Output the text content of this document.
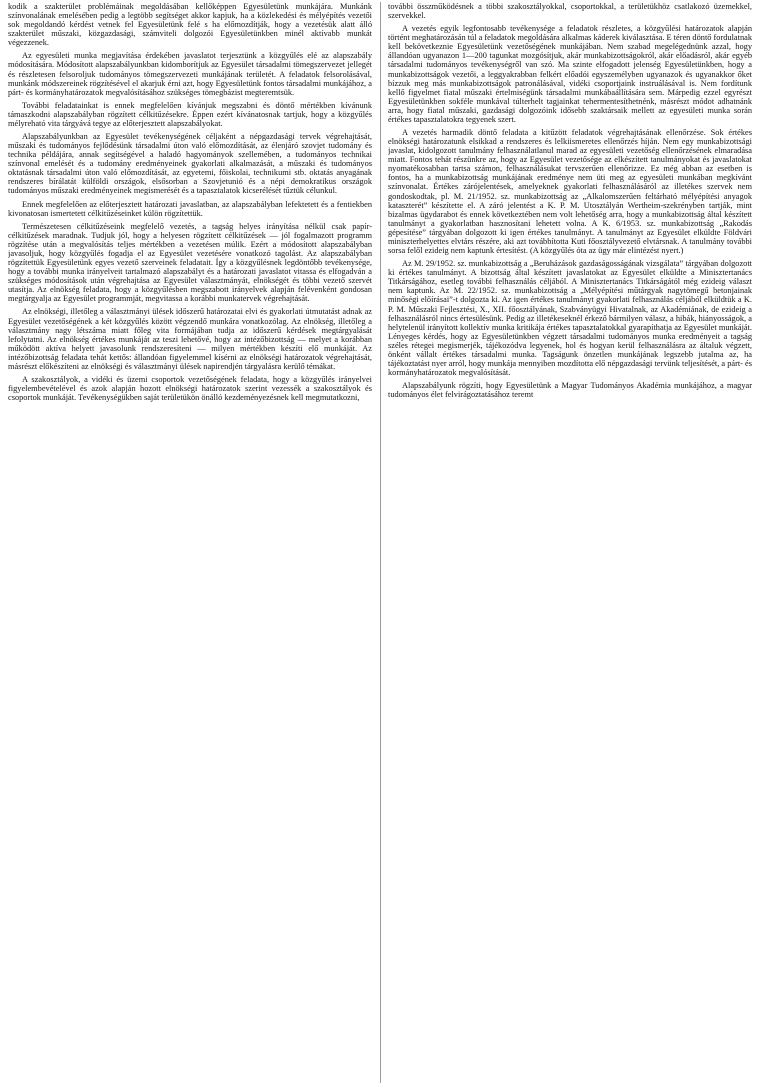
kodik a szakterület problémáinak megoldásában kellőképpen Egyesületünk munkájára. Munkánk színvonalának emelésében pedig a legtöbb segítséget akkor kapjuk, ha a közlekedési és mélyépítés vezetői sok megoldandó kérdést vetnek fel Egyesületünk felé s ha előmozdítják, hogy a vezetésük alatt álló szakterület műszaki, közgazdasági, számviteli dolgozói Egyesületünkben minél aktívabb munkát végezzenek.

Az egyesületi munka megjavítása érdekében javaslatot terjesztünk a közgyűlés elé az alapszabály módosítására. Módosított alapszabályunkban kidomborítjuk az Egyesület társadalmi tömegszervezet jellegét és részletesen felsoroljuk tudományos tömegszervezeti munkájának területét. A feladatok felsorolásával, munkánk módszereinek rögzítésével el akarjuk érni azt, hogy Egyesületünk fontos társadalmi munkájához, a párt- és kormányhatározatok megvalósításához szükséges tömegbázist megteremtsük.

További feladatainkat is ennek megfelelően kívánjuk megszabni és döntő mértékben kívánunk támaszkodni alapszabályban rögzített célkitűzésekre. Éppen ezért kívánatosnak tartjuk, hogy a közgyűlés mélyreható vita tárgyává tegye az előterjesztett alapszabályokat.

Alapszabályunkban az Egyesület tevékenységének céljaként a népgazdasági tervek végrehajtását, műszaki és tudományos fejlődésünk társadalmi úton való előmozdítását, az élenjáró szovjet tudomány és technika példájára, annak segítségével a haladó hagyományok szellemében, a tudományos technikai színvonal emelését és a tudomány eredményeinek gyakorlati alkalmazását, a műszaki és tudományos oktatásnak társadalmi úton való előmozdítását, az egyetemi, főiskolai, technikumi stb. oktatás anyagának rendszeres bírálatát külföldi országok, elsősorban a Szovjetunió és a népi demokratikus országok tudományos műszaki eredményeinek megismerését és a tapasztalatok kicserélését tűztük célunkul.

Ennek megfelelően az előterjesztett határozati javaslatban, az alapszabályban lefektetett és a fentiekben kivonatosan ismertetett célkitűzéseinket külön rögzítettük.

Természetesen célkitűzéseink megfelelő vezetés, a tagság helyes irányítása nélkül csak papír-célkitűzések maradnak. Tudjuk jól, hogy a helyesen rögzített célkitűzések — jól fogalmazott programm rögzítése után a megvalósítás teljes mértékben a vezetésen múlik. Ezért a módosított alapszabályban javasoljuk, hogy közgyűlés fogadja el az Egyesület vezetésére vonatkozó tagolást. Az alapszabályban rögzítettük Egyesületünk egyes vezető szerveinek feladatait. Így a közgyűlésnek legdöntőbb tevékenysége, hogy a további munka irányelveit tartalmazó alapszabályt és a határozati javaslatot vitassa és elfogadván a szükséges módosítások után végrehajtása az Egyesület választmányát, elnökségét és többi vezető szervét utasítja. Az elnökség feladata, hogy a közgyűlésben megszabott irányelvek alapján felévenként gondosan megtárgyalja az Egyesület programmját, megvitassa a korábbi munkatervek végrehajtását.

Az elnökségi, illetőleg a választmányi ülések időszerű határozatai elvi és gyakorlati útmutatást adnak az Egyesület vezetőségének a két közgyűlés között végzendő munkára vonatkozólag. Az elnökség, illetőleg a választmány nagy létszáma miatt főleg vita formájában tudja az időszerű kérdések megtárgyalását lefolytatni. Az elnökség értékes munkáját az teszi lehetővé, hogy az intézőbizottság — melyet a korábban működött aktíva helyett javasolunk rendszeresíteni — milyen mértékben készíti elő munkáját. Az intézőbizottság feladata tehát kettős: állandóan figyelemmel kísérni az elnökségi határozatok végrehajtását, másrészt előkészíteni az elnökségi és választmányi ülések napirendjén tárgyalásra kerülő témákat.

A szakosztályok, a vidéki és üzemi csoportok vezetőségének feladata, hogy a közgyűlés irányelvei figyelembevételével és azok alapján hozott elnökségi határozatok szerint vezessék a szakosztályok és csoportok munkáját. Tevékenységükben saját területükön önálló kezdeményezésnek kell megmutatkozni,

további összműködésnek a többi szakosztályokkal, csoportokkal, a területükhöz csatlakozó üzemekkel, szervekkel.

A vezetés egyik legfontosabb tevékenysége a feladatok részletes, a közgyűlési határozatok alapján történt meghatározásán túl a feladatok megoldására alkalmas káderek kiválasztása. E téren döntő fordulatnak kell bekövetkeznie Egyesületünk vezetőségének munkájában. Nem szabad megelégednünk azzal, hogy állandóan ugyanazon 1—200 tagunkat mozgósítjuk, akár munkabizottságokról, akár előadásról, akár egyéb társadalmi tudományos tevékenységről van szó. Ma szinte elfogadott jelenség Egyesületünkben, hogy a munkabizottságok vezetői, a leggyakrabban felkért előadói egyszemélyben ugyanazok és ugyanakkor őket bízzuk meg más munkabizottságok patronálásával, vidéki csoportjaink instruálásával is. Nem fordítunk kellő figyelmet fiatal műszaki értelmiségünk társadalmi munkábaállítására sem. Márpedig ezzel egyrészt Egyesületünkben sokféle munkával túlterhelt tagjainkat tehermentesíthetnénk, másrészt módot adhatnánk arra, hogy fiatal műszaki, gazdasági dolgozóink idősebb szaktársaik mellett az egyesületi munka során értékes tapasztalatokra tegyenek szert.

A vezetés harmadik döntő feladata a kitűzött feladatok végrehajtásának ellenőrzése. Sok értékes elnökségi határozatunk elsikkad a rendszeres és lelkiismeretes ellenőrzés híján. Nem egy munkabizottsági javaslat, kidolgozott tanulmány felhasználatlanul marad az egyesületi vezetőség ellenőrzésének elmaradása miatt. Fontos tehát részünkre az, hogy az Egyesület vezetősége az elkészített tanulmányokat és javaslatokat nyomatékosabban tartsa számon, felhasználásukat tervszerűen ellenőrizze. Ez még abban az esetben is fontos, ha a munkabizottság munkájának eredménye nem üti meg az egyesületi munkában megkívánt színvonalat. Értékes zárójelentések, amelyeknek gyakorlati felhasználásáról az illetékes szervek nem gondoskodtak, pl. M. 21/1952. sz. munkabizottság az „Alkalomszerűen feltárható mélyépítési anyagok kataszterét” készítette el. A záró jelentést a K. P. M. Utosztályán Wertheim-szekrényben tartják, mint bizalmas ügydarabot és ennek következtében nem volt lehetőség arra, hogy a munkabizottság által készített tanulmányt a gyakorlatban hasznosítani lehetett volna. A K. 6/1953. sz. munkabizottság „Rakodás gépesítése” tárgyában dolgozott ki igen értékes tanulmányt. A tanulmányt az Egyesület elküldte Földvári miniszterhelyettes elvtárs részére, aki azt továbbította Kuti főosztályvezető elvtársnak. A tanulmány további sorsa felől ezideig nem kaptunk értesítést. (A közgyűlés óta az ügy már elintézést nyert.)

Az M. 29/1952. sz. munkabizottság a „Beruházások gazdaságosságának vizsgálata” tárgyában dolgozott ki értékes tanulmányt. A bizottság által készített javaslatokat az Egyesület elküldte a Minisztertanács Titkárságához, esetleg további felhasználás céljából. A Minisztertanács Titkárságától még ezideig választ nem kaptunk. Az M. 22/1952. sz. munkabizottság a „Mélyépítési műtárgyak nagytömegű betonjainak minőségi előírásai”-t dolgozta ki. Az igen értékes tanulmányt gyakorlati felhasználás céljából elküldtük a K. P. M. Műszaki Fejlesztési, X., XII. főosztályának, Szabványügyi Hivatalnak, az Akadémiának, de ezideig a felhasználásról nincs értesülésünk. Pedig az illetékeseknél érkező bármilyen válasz, a hibák, hiányosságok, a helytelenül irányított kollektív munka kritikája értékes tapasztalatokkal gyarapíthatja az Egyesület munkáját. Lényeges kérdés, hogy az Egyesületünkben végzett társadalmi tudományos munka eredményeit a tagság széles rétegei megismerjék, tájékozódva legyenek, hol és hogyan kerül felhasználásra az általuk végzett, önként vállalt értékes társadalmi munka. Tagságunk önzetlen munkájának legszebb jutalma az, ha tájékoztatást nyer arról, hogy munkája mennyiben mozdította elő népgazdasági tervünk teljesítését, a párt- és kormányhatározatok megvalósítását.

Alapszabályunk rögzíti, hogy Egyesületünk a Magyar Tudományos Akadémia munkájához, a magyar tudományos élet felvirágoztatásához teremt
